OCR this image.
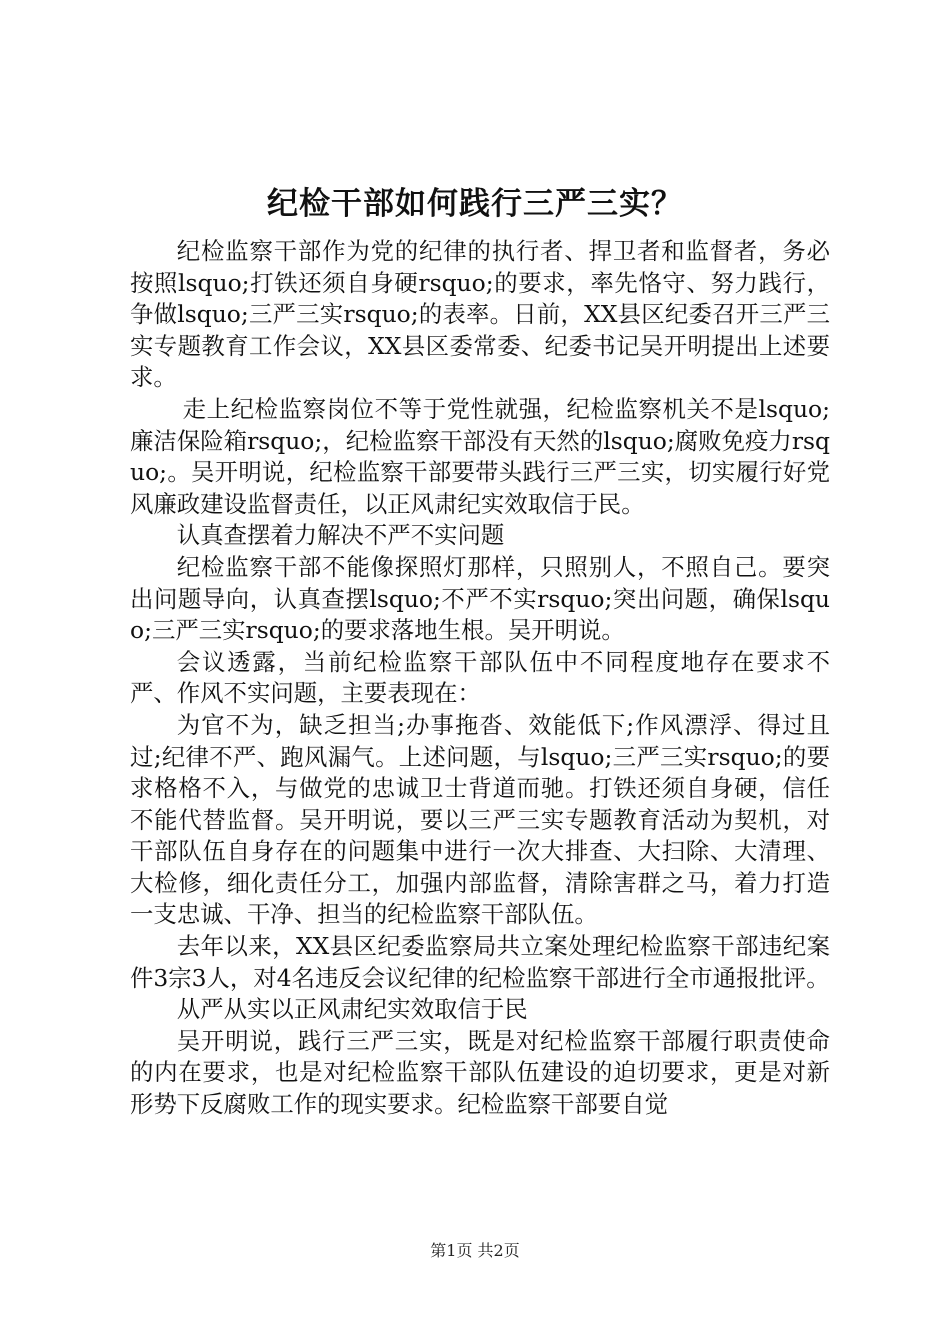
纪检干部如何践行三严三实？

纪检监察干部作为党的纪律的执行者、捍卫者和监督者，务必按照lsquo;打铁还须自身硬rsquo;的要求，率先恪守、努力践行，争做lsquo;三严三实rsquo;的表率。日前，XX县区纪委召开三严三实专题教育工作会议，XX县区委常委、纪委书记吴开明提出上述要求。

走上纪检监察岗位不等于党性就强，纪检监察机关不是lsquo;廉洁保险箱rsquo;，纪检监察干部没有天然的lsquo;腐败免疫力rsquo;。吴开明说，纪检监察干部要带头践行三严三实，切实履行好党风廉政建设监督责任，以正风肃纪实效取信于民。

认真查摆着力解决不严不实问题

纪检监察干部不能像探照灯那样，只照别人，不照自己。要突出问题导向，认真查摆lsquo;不严不实rsquo;突出问题，确保lsquo;三严三实rsquo;的要求落地生根。吴开明说。

会议透露，当前纪检监察干部队伍中不同程度地存在要求不严、作风不实问题，主要表现在：

为官不为，缺乏担当;办事拖沓、效能低下;作风漂浮、得过且过;纪律不严、跑风漏气。上述问题，与lsquo;三严三实rsquo;的要求格格不入，与做党的忠诚卫士背道而驰。打铁还须自身硬，信任不能代替监督。吴开明说，要以三严三实专题教育活动为契机，对干部队伍自身存在的问题集中进行一次大排查、大扫除、大清理、大检修，细化责任分工，加强内部监督，清除害群之马，着力打造一支忠诚、干净、担当的纪检监察干部队伍。

去年以来，XX县区纪委监察局共立案处理纪检监察干部违纪案件3宗3人，对4名违反会议纪律的纪检监察干部进行全市通报批评。

从严从实以正风肃纪实效取信于民

吴开明说，践行三严三实，既是对纪检监察干部履行职责使命的内在要求，也是对纪检监察干部队伍建设的迫切要求，更是对新形势下反腐败工作的现实要求。纪检监察干部要自觉

第1页 共2页
